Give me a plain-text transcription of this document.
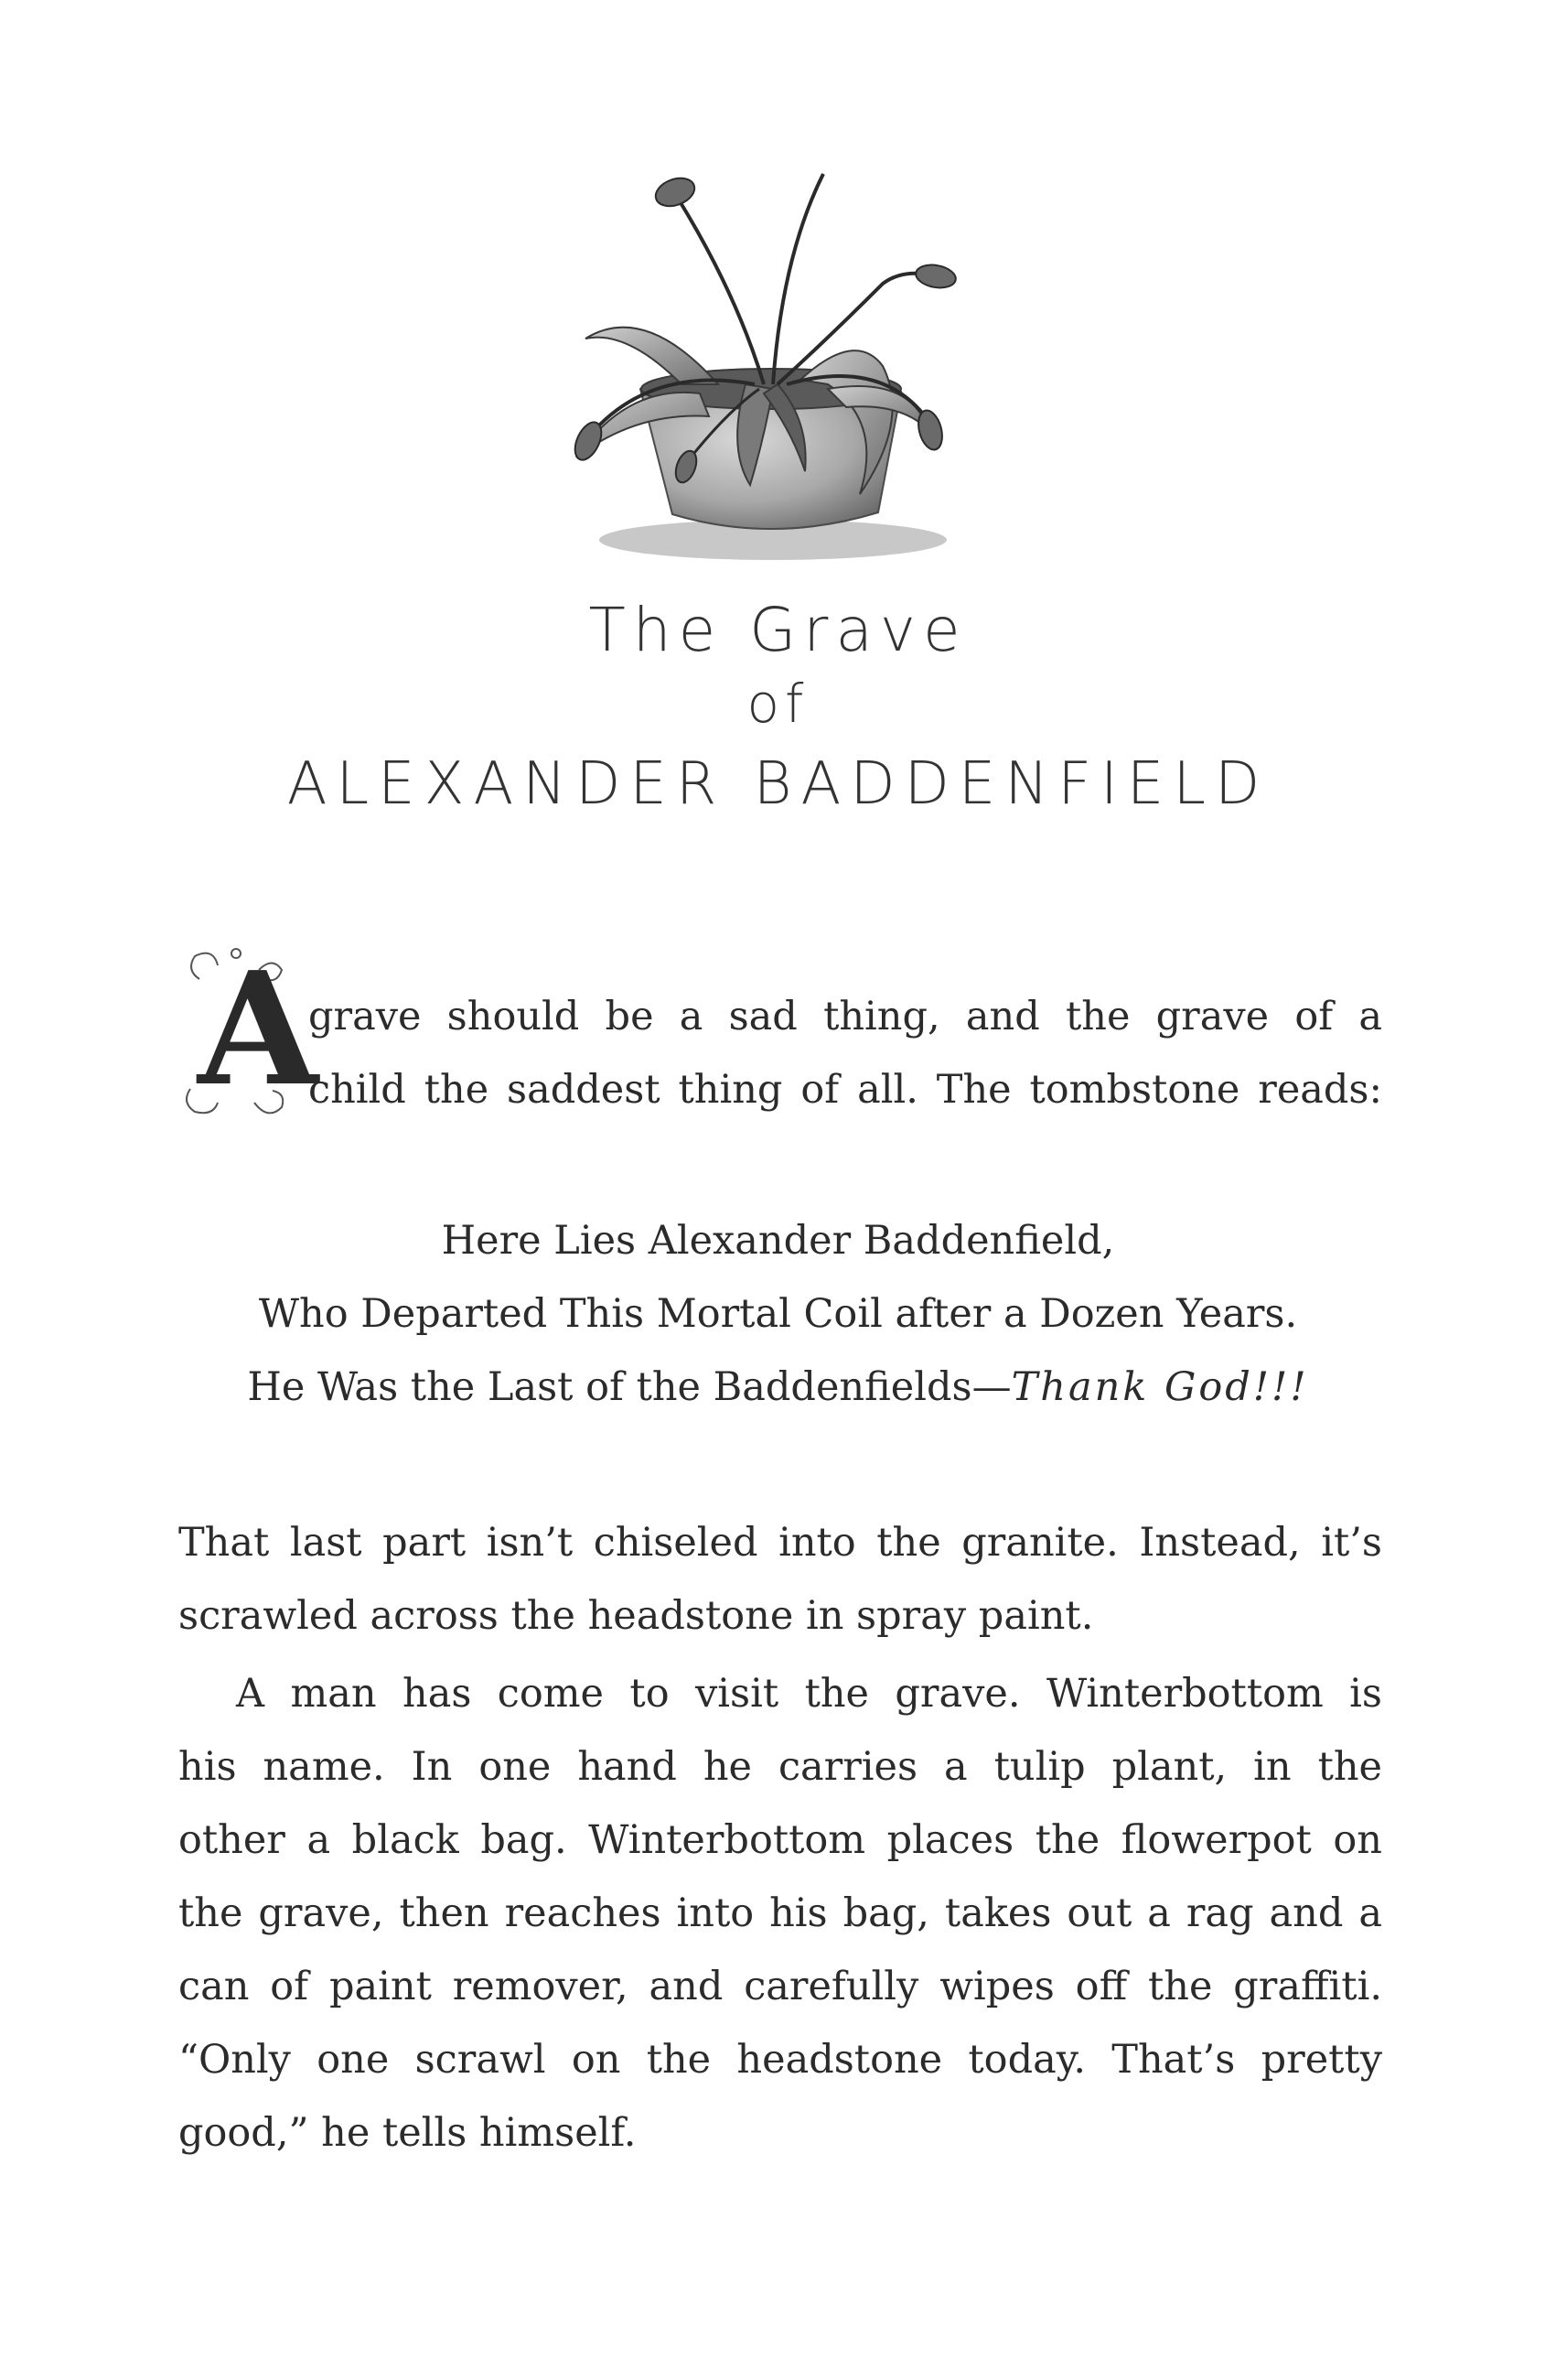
The Grave
of
ALEXANDER BADDENFIELD
A

grave should be a sad thing, and the grave of a

child the saddest thing of all. The tombstone reads:

Here Lies Alexander Baddenfield,

Who Departed This Mortal Coil after a Dozen Years.

He Was the Last of the Baddenfields—Thank God!!!

That last part isn’t chiseled into the granite. Instead, it’s

scrawled across the headstone in spray paint.

A man has come to visit the grave. Winterbottom is

his name. In one hand he carries a tulip plant, in the

other a black bag. Winterbottom places the flowerpot on

the grave, then reaches into his bag, takes out a rag and a

can of paint remover, and carefully wipes off the graffiti.

“Only one scrawl on the headstone today. That’s pretty

good,” he tells himself.
